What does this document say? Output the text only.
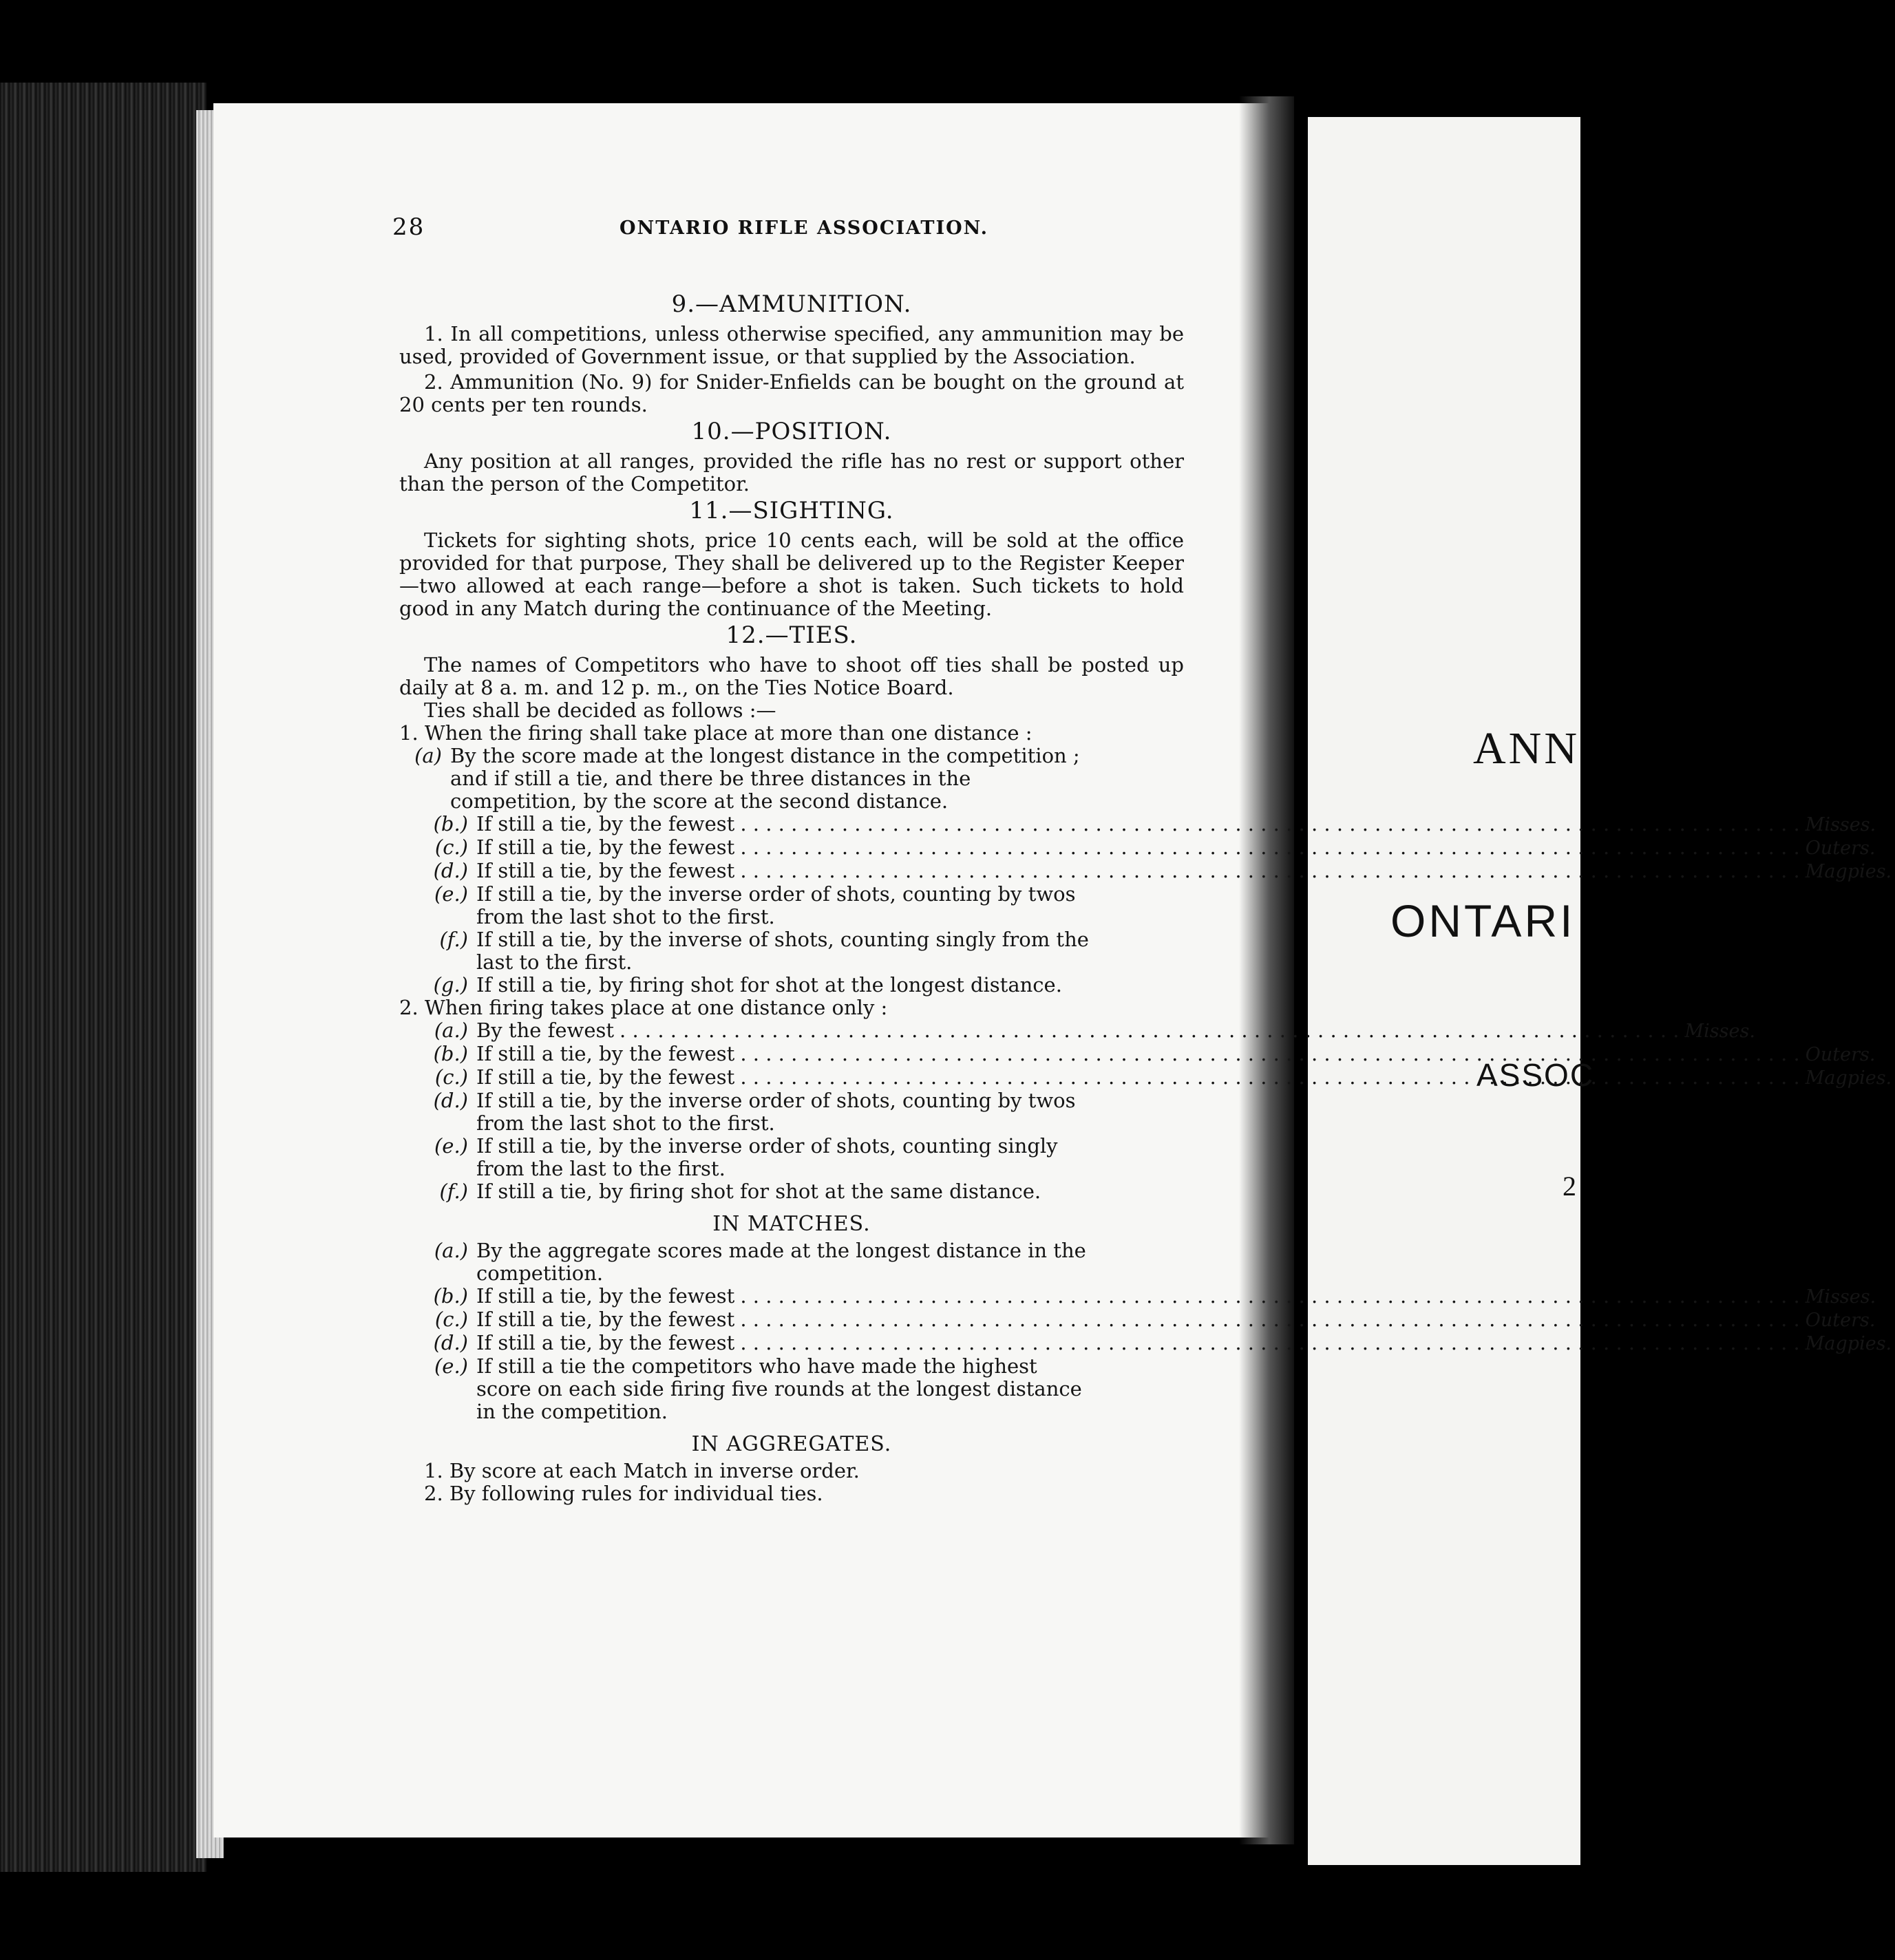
ANN
ONTARI
ASSOC
2
28	ONTARIO RIFLE ASSOCIATION.
9.—AMMUNITION.

1. In all competitions, unless otherwise specified, any ammunition may be used, provided of Government issue, or that supplied by the Association.

2. Ammunition (No. 9) for Snider-Enfields can be bought on the ground at 20 cents per ten rounds.

10.—POSITION.

Any position at all ranges, provided the rifle has no rest or support other than the person of the Competitor.

11.—SIGHTING.

Tickets for sighting shots, price 10 cents each, will be sold at the office provided for that purpose, They shall be delivered up to the Register Keeper—two allowed at each range—before a shot is taken. Such tickets to hold good in any Match during the continuance of the Meeting.

12.—TIES.

The names of Competitors who have to shoot off ties shall be posted up daily at 8 a. m. and 12 p. m., on the Ties Notice Board.

Ties shall be decided as follows :—

1. When the firing shall take place at more than one distance :

(a) By the score made at the longest distance in the competition ; and if still a tie, and there be three distances in the competition, by the score at the second distance.
(b.) If still a tie, by the fewest . . .	Misses.
(c.) If still a tie, by the fewest . . .	Outers.
(d.) If still a tie, by the fewest . . .	Magpies.
(e.) If still a tie, by the inverse order of shots, counting by twos from the last shot to the first.
(f.) If still a tie, by the inverse of shots, counting singly from the last to the first.
(g.) If still a tie, by firing shot for shot at the longest distance.

2. When firing takes place at one distance only :

(a.) By the fewest . . .	Misses.
(b.) If still a tie, by the fewest . . .	Outers.
(c.) If still a tie, by the fewest . . .	Magpies.
(d.) If still a tie, by the inverse order of shots, counting by twos from the last shot to the first.
(e.) If still a tie, by the inverse order of shots, counting singly from the last to the first.
(f.) If still a tie, by firing shot for shot at the same distance.
IN MATCHES.
(a.) By the aggregate scores made at the longest distance in the competition.
(b.) If still a tie, by the fewest . . .	Misses.
(c.) If still a tie, by the fewest . . .	Outers.
(d.) If still a tie, by the fewest . . .	Magpies.
(e.) If still a tie the competitors who have made the highest score on each side firing five rounds at the longest distance in the competition.
IN AGGREGATES.

1. By score at each Match in inverse order.

2. By following rules for individual ties.
